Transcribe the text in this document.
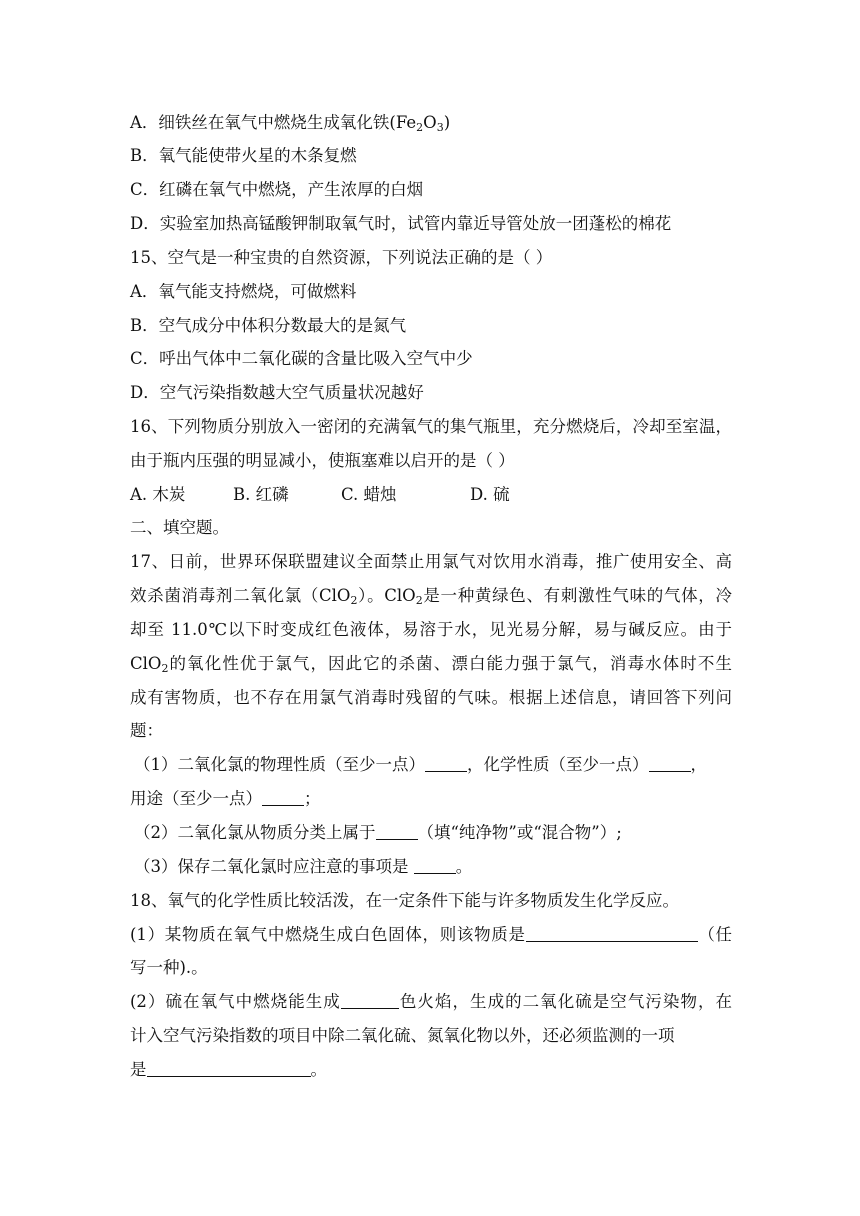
A．细铁丝在氧气中燃烧生成氧化铁$(Fe_2O_3)$
B．氧气能使带火星的木条复燃
C．红磷在氧气中燃烧，产生浓厚的白烟
D．实验室加热高锰酸钾制取氧气时，试管内靠近导管处放一团蓬松的棉花
15、空气是一种宝贵的自然资源，下列说法正确的是（ ）
A．氧气能支持燃烧，可做燃料
B．空气成分中体积分数最大的是氮气
C．呼出气体中二氧化碳的含量比吸入空气中少
D．空气污染指数越大空气质量状况越好
16、下列物质分别放入一密闭的充满氧气的集气瓶里，充分燃烧后，冷却至室温，
由于瓶内压强的明显减小，使瓶塞难以启开的是（ ）
A. 木炭	B. 红磷	C. 蜡烛	D. 硫
二、填空题。
17、日前，世界环保联盟建议全面禁止用氯气对饮用水消毒，推广使用安全、高
效杀菌消毒剂二氧化氯（ClO$_2$）。ClO$_2$是一种黄绿色、有刺激性气味的气体，冷
却至 11.0℃以下时变成红色液体，易溶于水，见光易分解，易与碱反应。由于
ClO$_2$的氧化性优于氯气，因此它的杀菌、漂白能力强于氯气，消毒水体时不生
成有害物质，也不存在用氯气消毒时残留的气味。根据上述信息，请回答下列问
题：
（1）二氧化氯的物理性质（至少一点）	，化学性质（至少一点）	，
用途（至少一点）	；
（2）二氧化氯从物质分类上属于	（填“纯净物”或“混合物”）;
（3）保存二氧化氯时应注意的事项是	。
18、氧气的化学性质比较活泼，在一定条件下能与许多物质发生化学反应。
(1）某物质在氧气中燃烧生成白色固体，则该物质是	（任
写一种).。
(2）硫在氧气中燃烧能生成	色火焰，生成的二氧化硫是空气污染物，在
计入空气污染指数的项目中除二氧化硫、氮氧化物以外，还必须监测的一项
是	。
